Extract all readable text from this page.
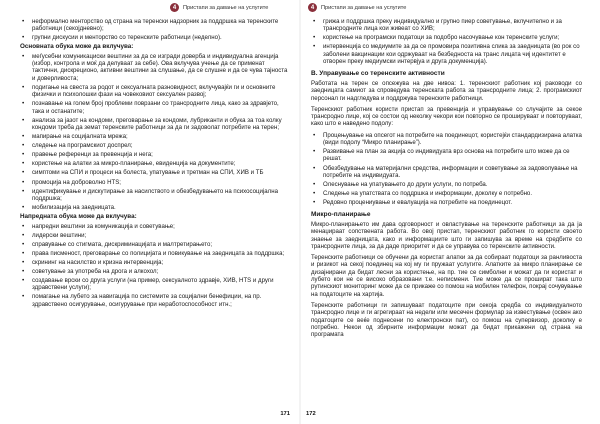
4	Пристапи за давање на услугите
• неформално менторство од страна на теренски надзорник за поддршка на теренските работници (секојдневно);
• групни дискусии и менторство со теренските работници (неделно).
Основната обука може да вклучува:
• меѓусебни комуникациски вештини за да се изгради доверба и индивидуална агенција (избор, контрола и моќ да делуваат за себе). Ова вклучува учење да се применат тактични, дискреционо, активни вештини за слушање, да се слушне и да се чува тајноста и доверливоста;
• подигање на свеста за родот и сексуалната разновидност, вклучувајќи ги и основните физички и психолошки фази на човековиот сексуален развој;
• познавање на голем број проблеми поврзани со трансродните лица, како за здравјето, така и останатите;
• анализа за јазот на кондоми, преговарање за кондоми, лубриканти и обука за тоа колку кондоми треба да земат теренските работници за да ги задоволат потребите на терен;
• мапирање на социјалната мрежа;
• следење на програмскиот доспрел;
• правење референци за превенција и нега;
• користење на алатки за микро-планирање, евиденција на документите;
• симптоми на СПИ и процеси на болеста, упатување и третман на СПИ, ХИВ и ТБ
• промоција на доброволно HTS;
• идентификување и дискутирање за насилството и обезбедувањето на психосоцијална поддршка;
• мобилизација на заедницата.
Напредната обука може да вклучува:
• напредни вештини за комуникација и советување;
• лидерски вештини;
• справување со стигмата, дискриминацијата и малтретирањето;
• права писменост, преговарање со полицијата и повикување на заедницата за поддршка;
• скрининг на насилство и кризна интервенција;
• советување за употреба на дрога и алкохол;
• создавање врски со друга услуги (на пример, сексуалното здравје, ХИВ, HTS и други здравствени услуги);
• помагање на лубето за навигација по системите за социјални бенефиции, на пр. здравствено осигурување, осигурување при неработоспособност итн.;
171
4	Пристапи за давање на услугите
• грижа и поддршка преку индивидуално и групно пиер советување, вклучително и за трансродните лица кои живеат со ХИВ;
• користење на програмски податоци за подобро насочување кон теренските услуги;
• интервенција со медиумите за да се промовира позитивна слика за заедницата (во рок со заболени вакцинации кои одржуваат на безбедноста на транс лицата чиј идентитет е отворен преку медиумски интервјуа и друга докуменција).
В. Управување со теренските активности

Работата на терен се опсежува на две нивоа: 1. теренскиот работник кој раководи со заедницата самиот за спроведува теренската работа за трансродните лица; 2. програмскиот персонал ги надгледува и поддржува теренските работници.

Теренскиот работник користи пристап за превенција и управување со случајите за секое трансродно лице, кој се состои од неколку чекори кои повторно се прошируваат и повторуваат, како што е наведено подолу:

• Процењување на опсегот на потребите на поединецот, користејќи стандардизирана алатка (види подолу “Микро планирање”).
• Развивање на план за акција со индивидуата врз основа на потребите што може да се решат.
• Обезбедување на материјални средства, информации и советување за задоволување на потребите на индивидуата.
• Олеснување на упатувањето до други услуги, по потреба.
• Следење на упатствата со поддршка и информации, доколку е потребно.
• Редовно процениување и евалуација на потребите на поединецот.
Микро-планирање

Микро-планирањето им дава одговорност и овластување на теренските работници за да ја менаџираат сопствената работа. Во овој пристап, теренскиот работник го користи своето знаење за заедницата, како и информациите што ги запишува за време на средбите со трансродните лица, за да даде приоритет и да се управува со теренските активности.

Теренските работници се обучени да користат алатки за да собираат податоци за ранливоста и ризикот на секој поединец на кој му ги пружаат услугите. Алатките за микро планирање се дизајнирани да бидат лесни за користење, на пр. тие се симболни и можат да ги користат и лубето кои не се високо образовани т.е. неписмени. Тие може да се прошират така што рутинскиот мониторинг може да се прикаже со помош на мобилен телефон, покрај сочувување на податоците на хартија.

Теренските работници ги запишуваат податоците при секоја средба со индивидуалното трансродно лице и ги агрегираат на недели или месечен формулар за известување (освен ако податоците се веќе поднесени по електронски пат), со помош на супервизор, доколку е потребно. Некои од збирните информации можат да бидат прикажени од страна на програмата

172
